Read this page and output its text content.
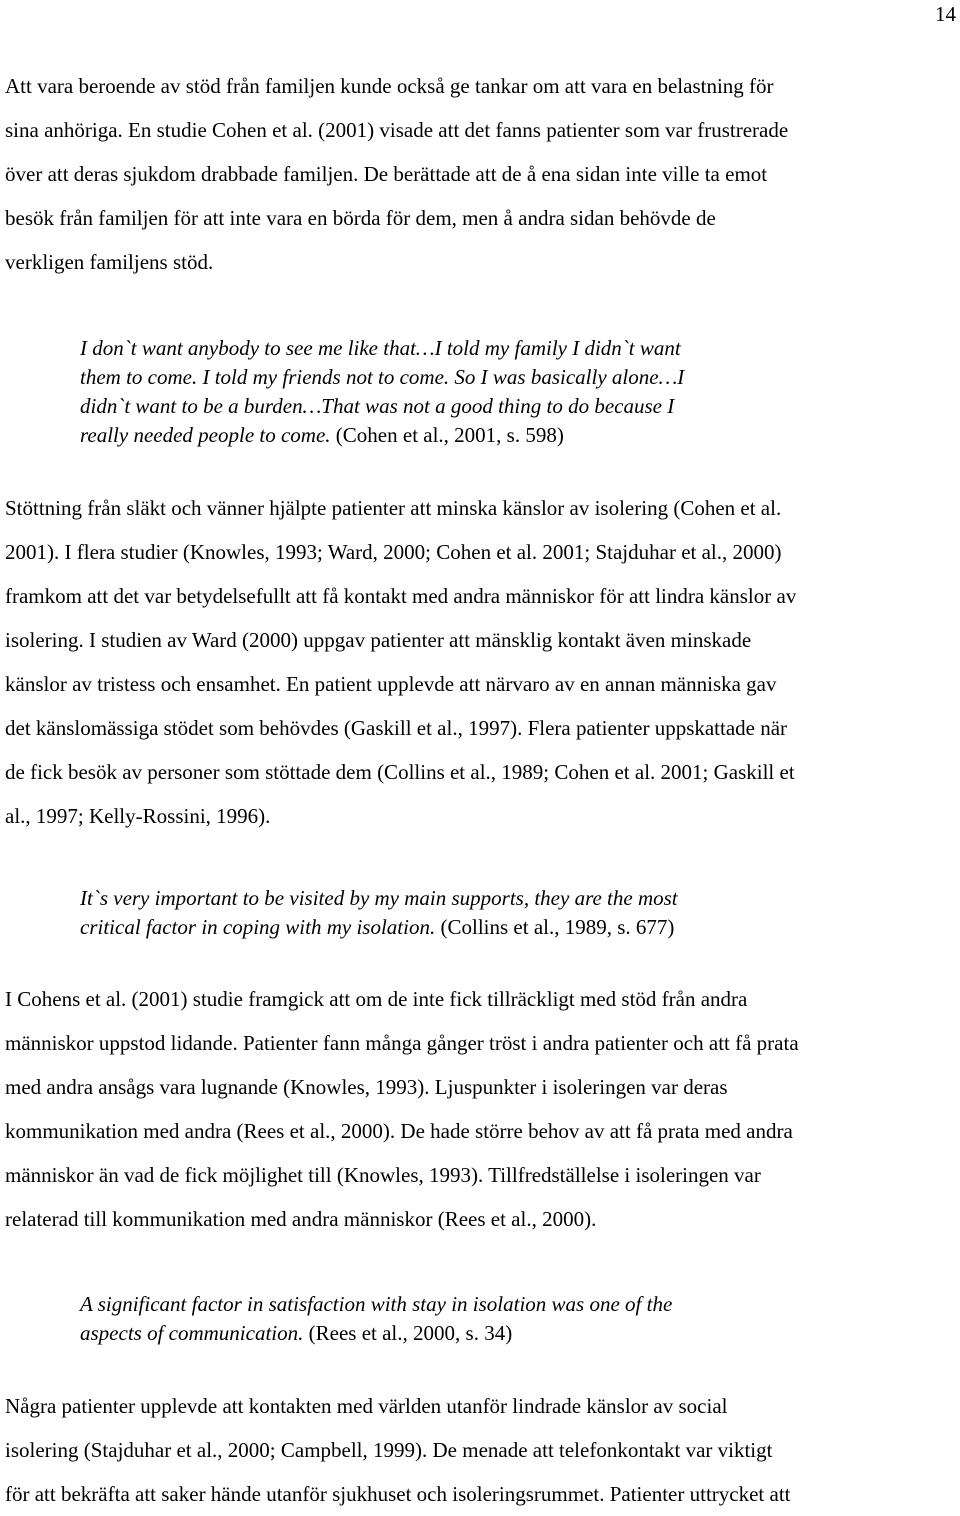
14
Att vara beroende av stöd från familjen kunde också ge tankar om att vara en belastning för
sina anhöriga. En studie Cohen et al. (2001) visade att det fanns patienter som var frustrerade
över att deras sjukdom drabbade familjen. De berättade att de å ena sidan inte ville ta emot
besök från familjen för att inte vara en börda för dem, men å andra sidan behövde de
verkligen familjens stöd.
I don`t want anybody to see me like that…I told my family I didn`t want
them to come. I told my friends not to come. So I was basically alone…I
didn`t want to be a burden…That was not a good thing to do because I
really needed people to come. (Cohen et al., 2001, s. 598)
Stöttning från släkt och vänner hjälpte patienter att minska känslor av isolering (Cohen et al.
2001). I flera studier (Knowles, 1993; Ward, 2000; Cohen et al. 2001; Stajduhar et al., 2000)
framkom att det var betydelsefullt att få kontakt med andra människor för att lindra känslor av
isolering. I studien av Ward (2000) uppgav patienter att mänsklig kontakt även minskade
känslor av tristess och ensamhet. En patient upplevde att närvaro av en annan människa gav
det känslomässiga stödet som behövdes (Gaskill et al., 1997). Flera patienter uppskattade när
de fick besök av personer som stöttade dem (Collins et al., 1989; Cohen et al. 2001; Gaskill et
al., 1997; Kelly-Rossini, 1996).
It`s very important to be visited by my main supports, they are the most
critical factor in coping with my isolation. (Collins et al., 1989, s. 677)
I Cohens et al. (2001) studie framgick att om de inte fick tillräckligt med stöd från andra
människor uppstod lidande. Patienter fann många gånger tröst i andra patienter och att få prata
med andra ansågs vara lugnande (Knowles, 1993). Ljuspunkter i isoleringen var deras
kommunikation med andra (Rees et al., 2000). De hade större behov av att få prata med andra
människor än vad de fick möjlighet till (Knowles, 1993). Tillfredställelse i isoleringen var
relaterad till kommunikation med andra människor (Rees et al., 2000).
A significant factor in satisfaction with stay in isolation was one of the
aspects of communication. (Rees et al., 2000, s. 34)
Några patienter upplevde att kontakten med världen utanför lindrade känslor av social
isolering (Stajduhar et al., 2000; Campbell, 1999). De menade att telefonkontakt var viktigt
för att bekräfta att saker hände utanför sjukhuset och isoleringsrummet. Patienter uttrycket att
